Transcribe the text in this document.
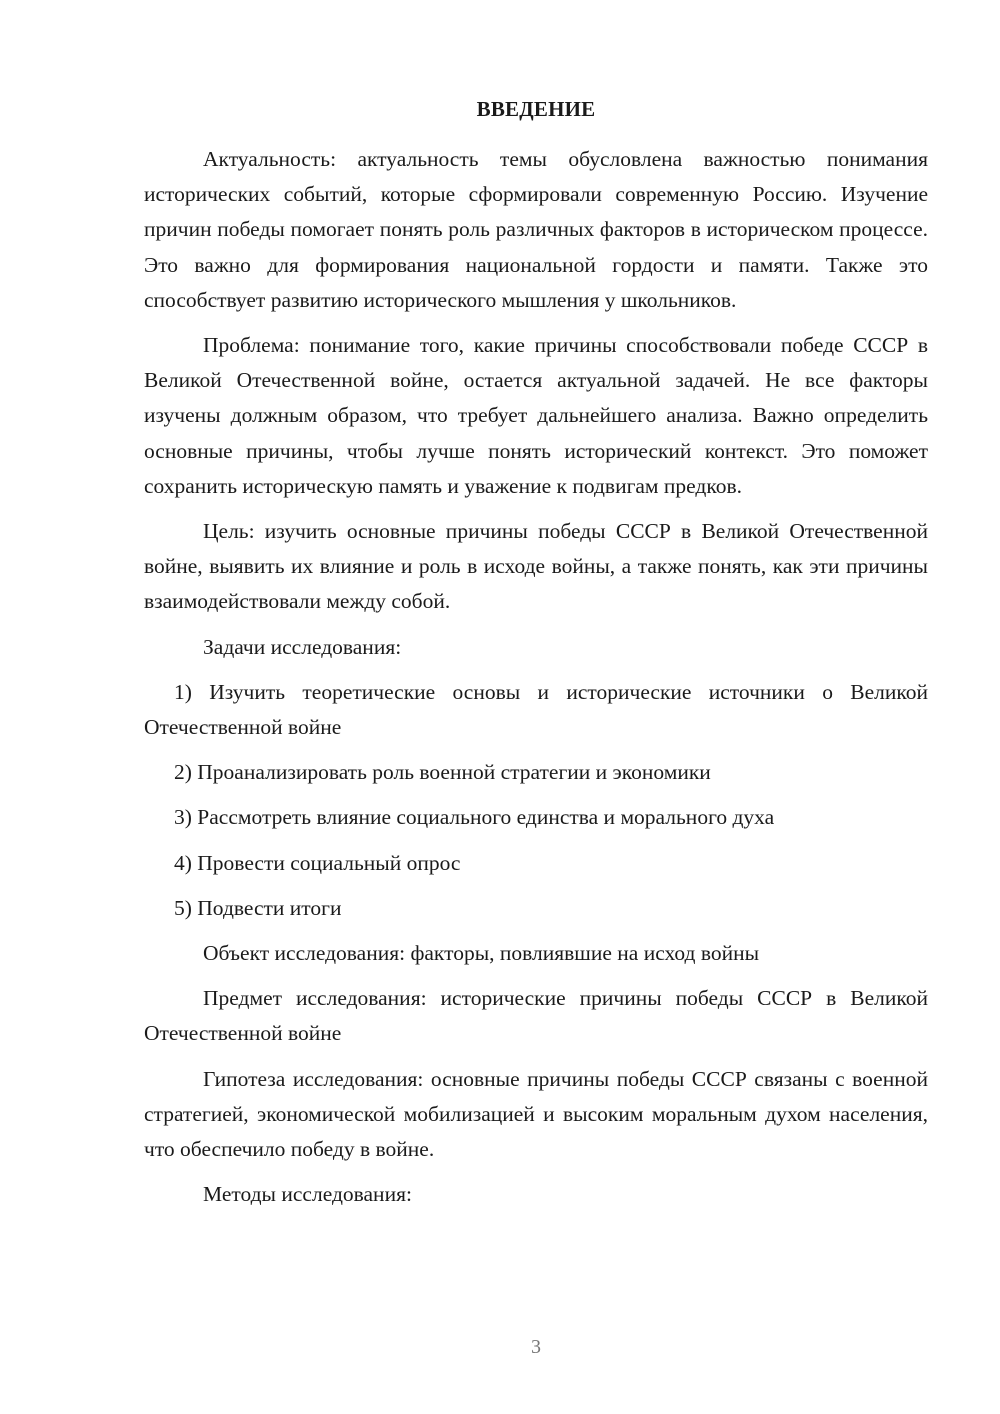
ВВЕДЕНИЕ

Актуальность: актуальность темы обусловлена важностью понимания исторических событий, которые сформировали современную Россию. Изучение причин победы помогает понять роль различных факторов в историческом процессе. Это важно для формирования национальной гордости и памяти. Также это способствует развитию исторического мышления у школьников.

Проблема: понимание того, какие причины способствовали победе СССР в Великой Отечественной войне, остается актуальной задачей. Не все факторы изучены должным образом, что требует дальнейшего анализа. Важно определить основные причины, чтобы лучше понять исторический контекст. Это поможет сохранить историческую память и уважение к подвигам предков.

Цель: изучить основные причины победы СССР в Великой Отечественной войне, выявить их влияние и роль в исходе войны, а также понять, как эти причины взаимодействовали между собой.

Задачи исследования:

1) Изучить теоретические основы и исторические источники о Великой Отечественной войне

2) Проанализировать роль военной стратегии и экономики

3) Рассмотреть влияние социального единства и морального духа

4) Провести социальный опрос

5) Подвести итоги

Объект исследования: факторы, повлиявшие на исход войны

Предмет исследования: исторические причины победы СССР в Великой Отечественной войне

Гипотеза исследования: основные причины победы СССР связаны с военной стратегией, экономической мобилизацией и высоким моральным духом населения, что обеспечило победу в войне.

Методы исследования:

3
